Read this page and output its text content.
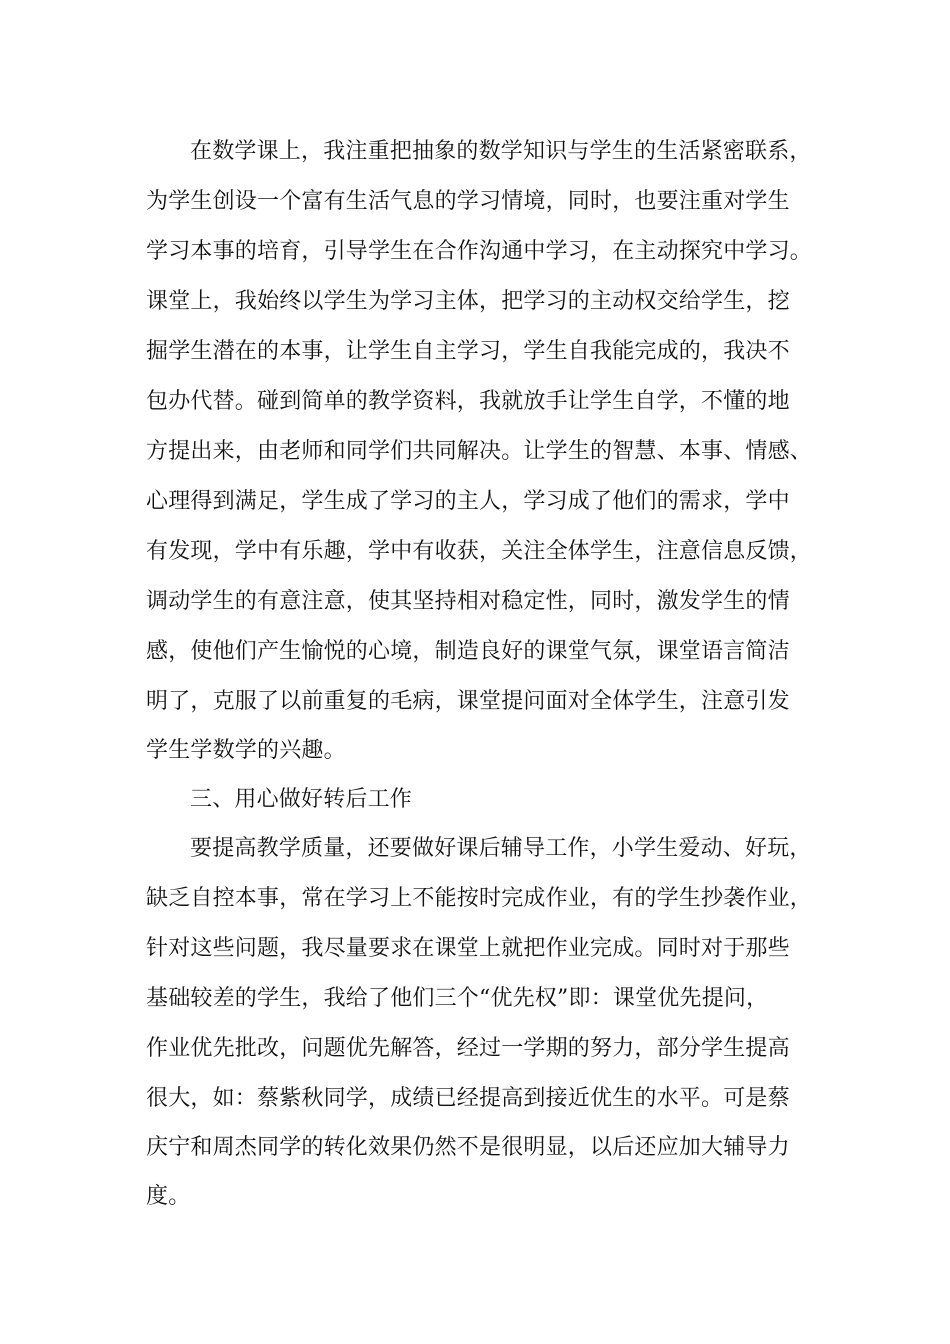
在数学课上，我注重把抽象的数学知识与学生的生活紧密联系，
为学生创设一个富有生活气息的学习情境，同时，也要注重对学生
学习本事的培育，引导学生在合作沟通中学习，在主动探究中学习。
课堂上，我始终以学生为学习主体，把学习的主动权交给学生，挖
掘学生潜在的本事，让学生自主学习，学生自我能完成的，我决不
包办代替。碰到简单的教学资料，我就放手让学生自学，不懂的地
方提出来，由老师和同学们共同解决。让学生的智慧、本事、情感、
心理得到满足，学生成了学习的主人，学习成了他们的需求，学中
有发现，学中有乐趣，学中有收获，关注全体学生，注意信息反馈，
调动学生的有意注意，使其坚持相对稳定性，同时，激发学生的情
感，使他们产生愉悦的心境，制造良好的课堂气氛，课堂语言简洁
明了，克服了以前重复的毛病，课堂提问面对全体学生，注意引发
学生学数学的兴趣。
三、用心做好转后工作
要提高教学质量，还要做好课后辅导工作，小学生爱动、好玩，
缺乏自控本事，常在学习上不能按时完成作业，有的学生抄袭作业，
针对这些问题，我尽量要求在课堂上就把作业完成。同时对于那些
基础较差的学生，我给了他们三个“优先权”即：课堂优先提问，
作业优先批改，问题优先解答，经过一学期的努力，部分学生提高
很大，如：蔡紫秋同学，成绩已经提高到接近优生的水平。可是蔡
庆宁和周杰同学的转化效果仍然不是很明显，以后还应加大辅导力
度。
